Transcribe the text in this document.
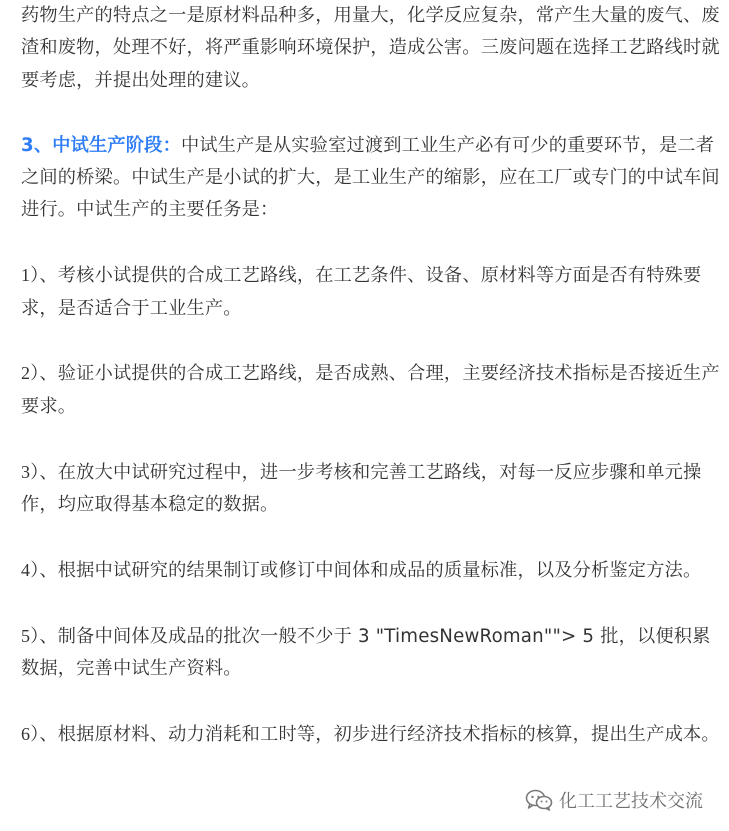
药物生产的特点之一是原材料品种多，用量大，化学反应复杂，常产生大量的废气、废渣和废物，处理不好，将严重影响环境保护，造成公害。三废问题在选择工艺路线时就要考虑，并提出处理的建议。

3、中试生产阶段：中试生产是从实验室过渡到工业生产必有可少的重要环节，是二者之间的桥梁。中试生产是小试的扩大，是工业生产的缩影，应在工厂或专门的中试车间进行。中试生产的主要任务是：

1）、考核小试提供的合成工艺路线，在工艺条件、设备、原材料等方面是否有特殊要求，是否适合于工业生产。

2）、验证小试提供的合成工艺路线，是否成熟、合理，主要经济技术指标是否接近生产要求。

3）、在放大中试研究过程中，进一步考核和完善工艺路线，对每一反应步骤和单元操作，均应取得基本稳定的数据。

4）、根据中试研究的结果制订或修订中间体和成品的质量标准，以及分析鉴定方法。

5）、制备中间体及成品的批次一般不少于 3 "TimesNewRoman""> 5 批，以便积累数据，完善中试生产资料。

6）、根据原材料、动力消耗和工时等，初步进行经济技术指标的核算，提出生产成本。

化工工艺技术交流
